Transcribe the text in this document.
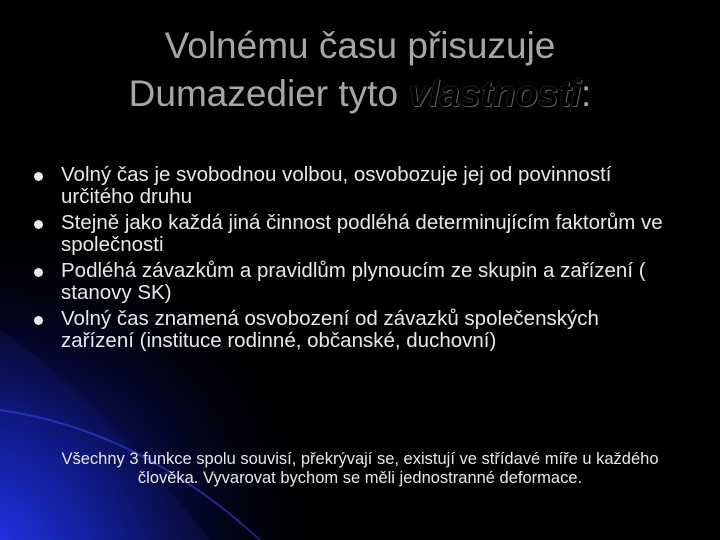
Volnému času přisuzuje
Dumazedier tyto vlastnosti:
Volný čas je svobodnou volbou, osvobozuje jej od povinností určitého druhu
Stejně jako každá jiná činnost podléhá determinujícím faktorům ve společnosti
Podléhá závazkům a pravidlům plynoucím ze skupin a zařízení ( stanovy SK)
Volný čas znamená osvobození od závazků společenských zařízení (instituce rodinné, občanské, duchovní)

Všechny 3 funkce spolu souvisí, překrývají se, existují ve střídavé míře u každého člověka. Vyvarovat bychom se měli jednostranné deformace.
